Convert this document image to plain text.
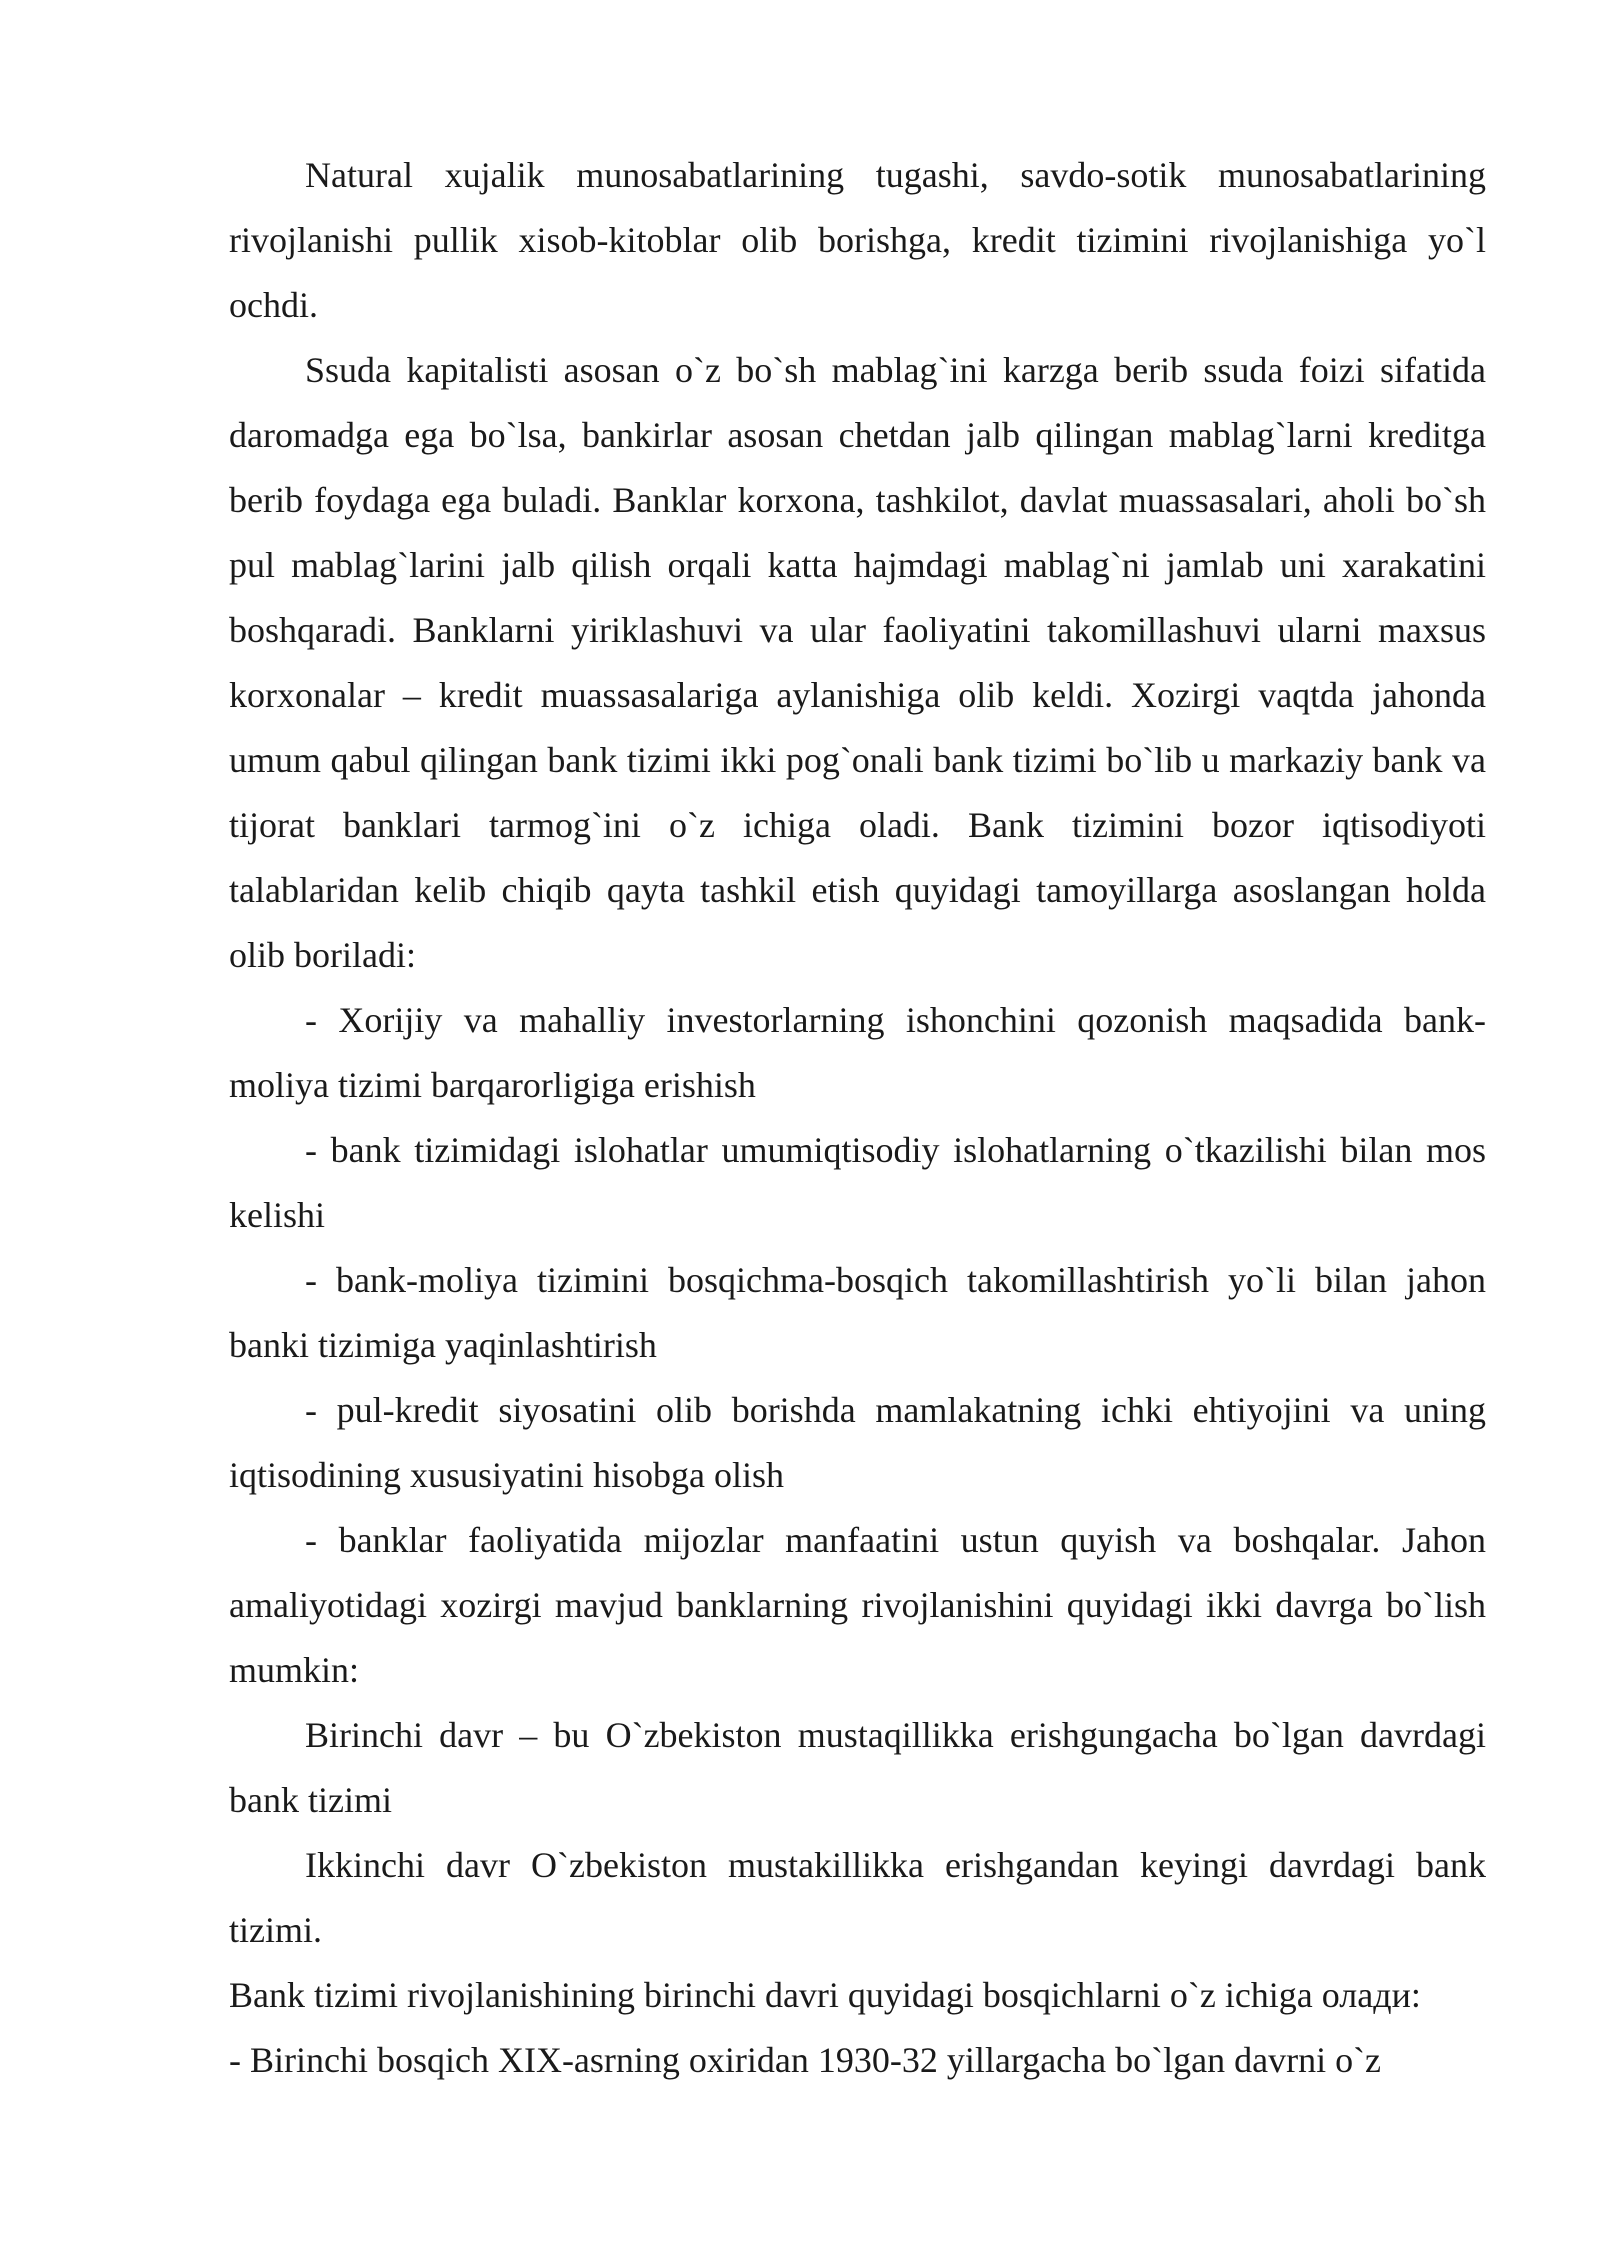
Natural xujalik munosabatlarining tugashi, savdo-sotik munosabatlarining rivojlanishi pullik xisob-kitoblar olib borishga, kredit tizimini rivojlanishiga yo`l ochdi.

Ssuda kapitalisti asosan o`z bo`sh mablag`ini karzga berib ssuda foizi sifatida daromadga ega bo`lsa, bankirlar asosan chetdan jalb qilingan mablag`larni kreditga berib foydaga ega buladi. Banklar korxona, tashkilot, davlat muassasalari, aholi bo`sh pul mablag`larini jalb qilish orqali katta hajmdagi mablag`ni jamlab uni xarakatini boshqaradi. Banklarni yiriklashuvi va ular faoliyatini takomillashuvi ularni maxsus korxonalar – kredit muassasalariga aylanishiga olib keldi. Xozirgi vaqtda jahonda umum qabul qilingan bank tizimi ikki pog`onali bank tizimi bo`lib u markaziy bank va tijorat banklari tarmog`ini o`z ichiga oladi. Bank tizimini bozor iqtisodiyoti talablaridan kelib chiqib qayta tashkil etish quyidagi tamoyillarga asoslangan holda olib boriladi:

- Xorijiy va mahalliy investorlarning ishonchini qozonish maqsadida bank-moliya tizimi barqarorligiga erishish

- bank tizimidagi islohatlar umumiqtisodiy islohatlarning o`tkazilishi bilan mos kelishi

- bank-moliya tizimini bosqichma-bosqich takomillashtirish yo`li bilan jahon banki tizimiga yaqinlashtirish

- pul-kredit siyosatini olib borishda mamlakatning ichki ehtiyojini va uning iqtisodining xususiyatini hisobga olish

- banklar faoliyatida mijozlar manfaatini ustun quyish va boshqalar. Jahon amaliyotidagi xozirgi mavjud banklarning rivojlanishini quyidagi ikki davrga bo`lish mumkin:

Birinchi davr – bu O`zbekiston mustaqillikka erishgungacha bo`lgan davrdagi bank tizimi

Ikkinchi davr O`zbekiston mustakillikka erishgandan keyingi davrdagi bank tizimi.

Bank tizimi rivojlanishining birinchi davri quyidagi bosqichlarni o`z ichiga олади:

- Birinchi bosqich XIX-asrning oxiridan 1930-32 yillargacha bo`lgan davrni o`z
